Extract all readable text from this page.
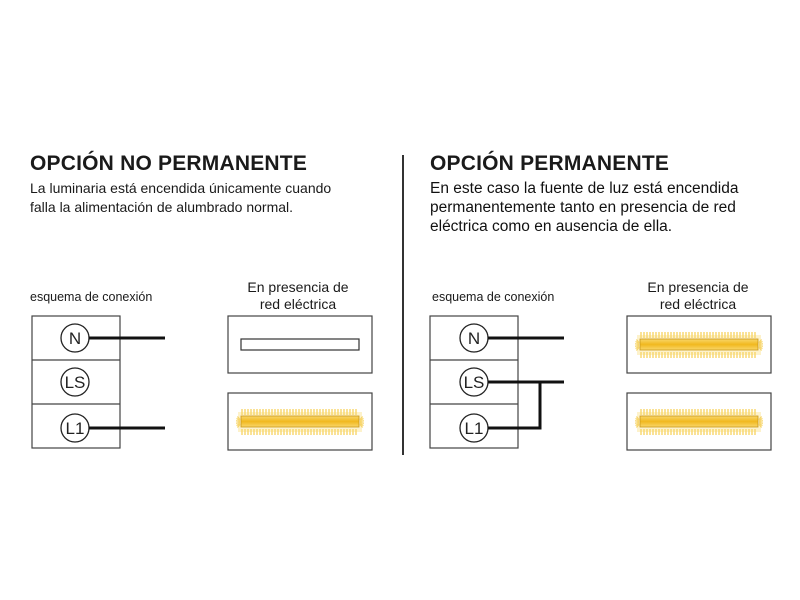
OPCIÓN NO PERMANENTE
La luminaria está encendida únicamente cuando
falla la alimentación de alumbrado normal.
esquema de conexión
En presencia de
red eléctrica
OPCIÓN PERMANENTE
En este caso la fuente de luz está encendida
permanentemente tanto en presencia de red
eléctrica como en ausencia de ella.
esquema de conexión
En presencia de
red eléctrica
N
LS
L1
N
LS
L1
